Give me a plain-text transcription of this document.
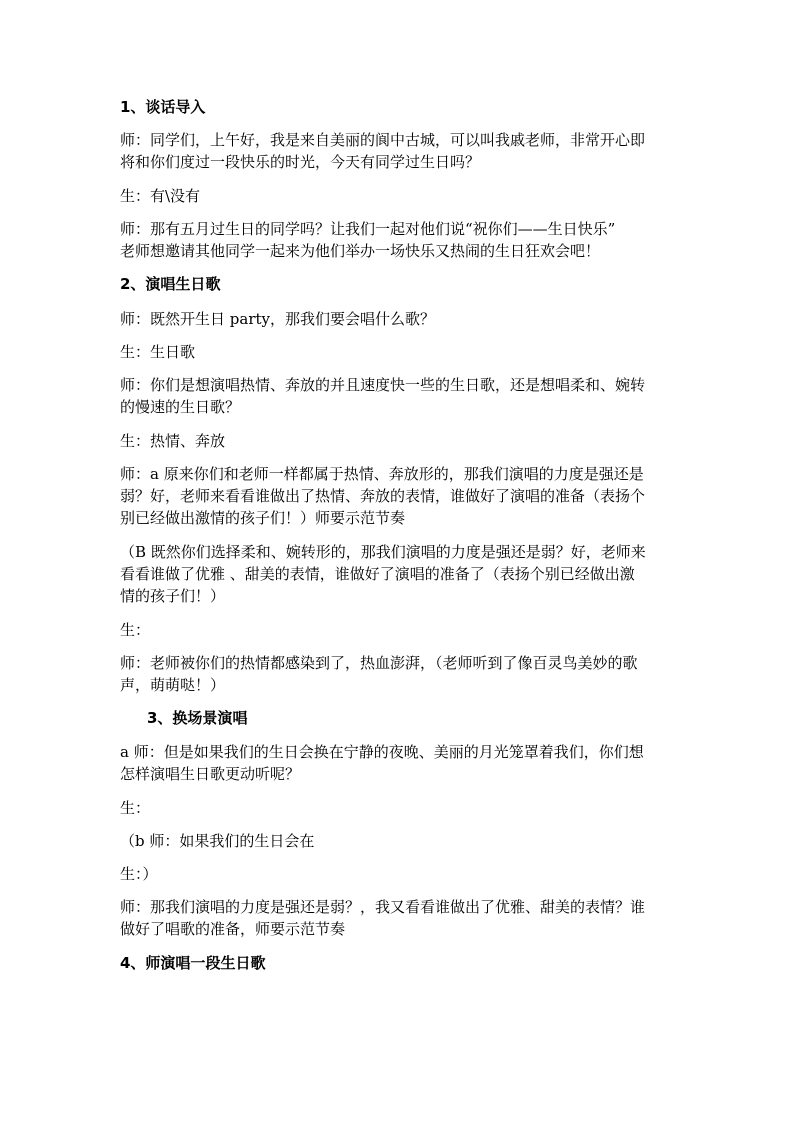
1、谈话导入

师：同学们，上午好，我是来自美丽的阆中古城，可以叫我戚老师，非常开心即
将和你们度过一段快乐的时光，今天有同学过生日吗？

生：有\没有

师：那有五月过生日的同学吗？让我们一起对他们说“祝你们——生日快乐”
老师想邀请其他同学一起来为他们举办一场快乐又热闹的生日狂欢会吧！

2、演唱生日歌

师：既然开生日 party，那我们要会唱什么歌？

生：生日歌

师：你们是想演唱热情、奔放的并且速度快一些的生日歌，还是想唱柔和、婉转
的慢速的生日歌？

生：热情、奔放

师：a 原来你们和老师一样都属于热情、奔放形的，那我们演唱的力度是强还是
弱？好，老师来看看谁做出了热情、奔放的表情，谁做好了演唱的准备（表扬个
别已经做出激情的孩子们！）师要示范节奏

（B 既然你们选择柔和、婉转形的，那我们演唱的力度是强还是弱？好，老师来
看看谁做了优雅 、甜美的表情，谁做好了演唱的准备了（表扬个别已经做出激
情的孩子们！）

生：

师：老师被你们的热情都感染到了，热血澎湃，（老师听到了像百灵鸟美妙的歌
声，萌萌哒！）

3、换场景演唱

a 师：但是如果我们的生日会换在宁静的夜晚、美丽的月光笼罩着我们，你们想
怎样演唱生日歌更动听呢？

生：

（b 师：如果我们的生日会在

生：）

师：那我们演唱的力度是强还是弱？，我又看看谁做出了优雅、甜美的表情？谁
做好了唱歌的准备，师要示范节奏

4、师演唱一段生日歌
